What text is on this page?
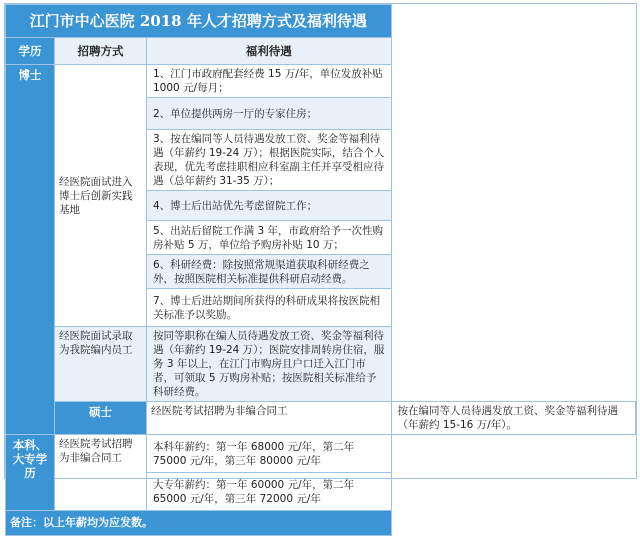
江门市中心医院 2018 年人才招聘方式及福利待遇			
学历	招聘方式	福利待遇	
博士	经医院面试进入博士后创新实践基地	1、江门市政府配套经费 15 万/年，单位发放补贴 1000 元/每月；	
		2、单位提供两房一厅的专家住房；	
		3、按在编同等人员待遇发放工资、奖金等福利待遇（年薪约 19-24 万）；根据医院实际，结合个人表现，优先考虑挂职相应科室副主任并享受相应待遇（总年薪约 31-35 万）；	
		4、博士后出站优先考虑留院工作；	
		5、出站后留院工作满 3 年，市政府给予一次性购房补贴 5 万，单位给予购房补贴 10 万；	
		6、科研经费：除按照常规渠道获取科研经费之外，按照医院相关标准提供科研启动经费。	
		7、博士后进站期间所获得的科研成果将按医院相关标准予以奖励。	
	经医院面试录取为我院编内员工	按同等职称在编人员待遇发放工资、奖金等福利待遇（年薪约 19-24 万）；医院安排周转房住宿，服务 3 年以上，在江门市购房且户口迁入江门市者，可领取 5 万购房补贴；按医院相关标准给予科研经费。	
	硕士	经医院考试招聘为非编合同工	按在编同等人员待遇发放工资、奖金等福利待遇（年薪约 15-16 万/年）。
本科、大专学历	经医院考试招聘为非编合同工	本科年薪约：第一年 68000 元/年，第二年 75000 元/年，第三年 80000 元/年	
		大专年薪约：第一年 60000 元/年，第二年 65000 元/年，第三年 72000 元/年	
备注：以上年薪均为应发数。			
